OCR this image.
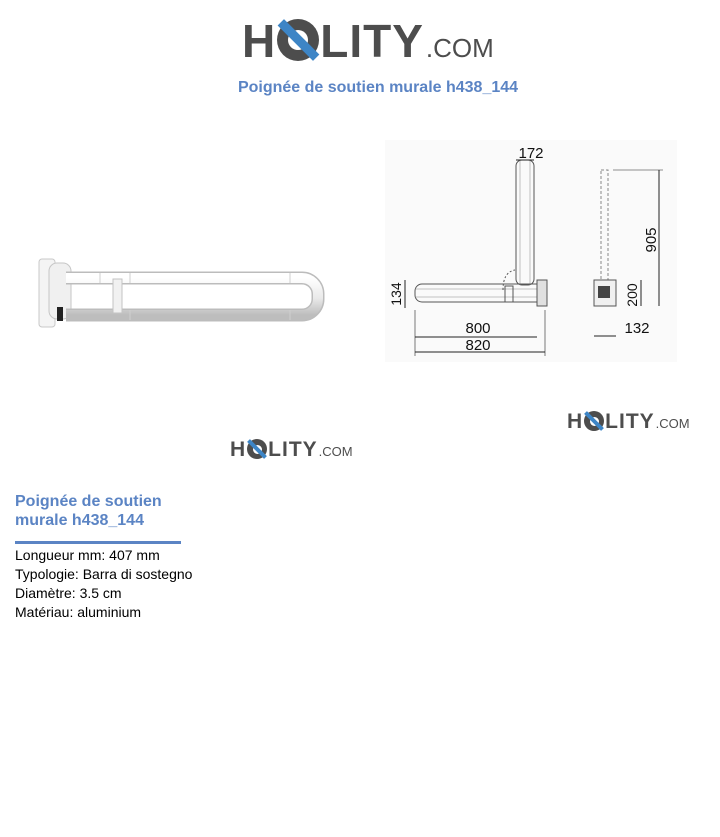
H LITY .COM
Poignée de soutien murale h438_144
172
134
800
820
905
200
132
H LITY .COM
H LITY .COM
Poignée de soutien murale h438_144
Longueur mm: 407 mm
Typologie: Barra di sostegno
Diamètre: 3.5 cm
Matériau: aluminium
